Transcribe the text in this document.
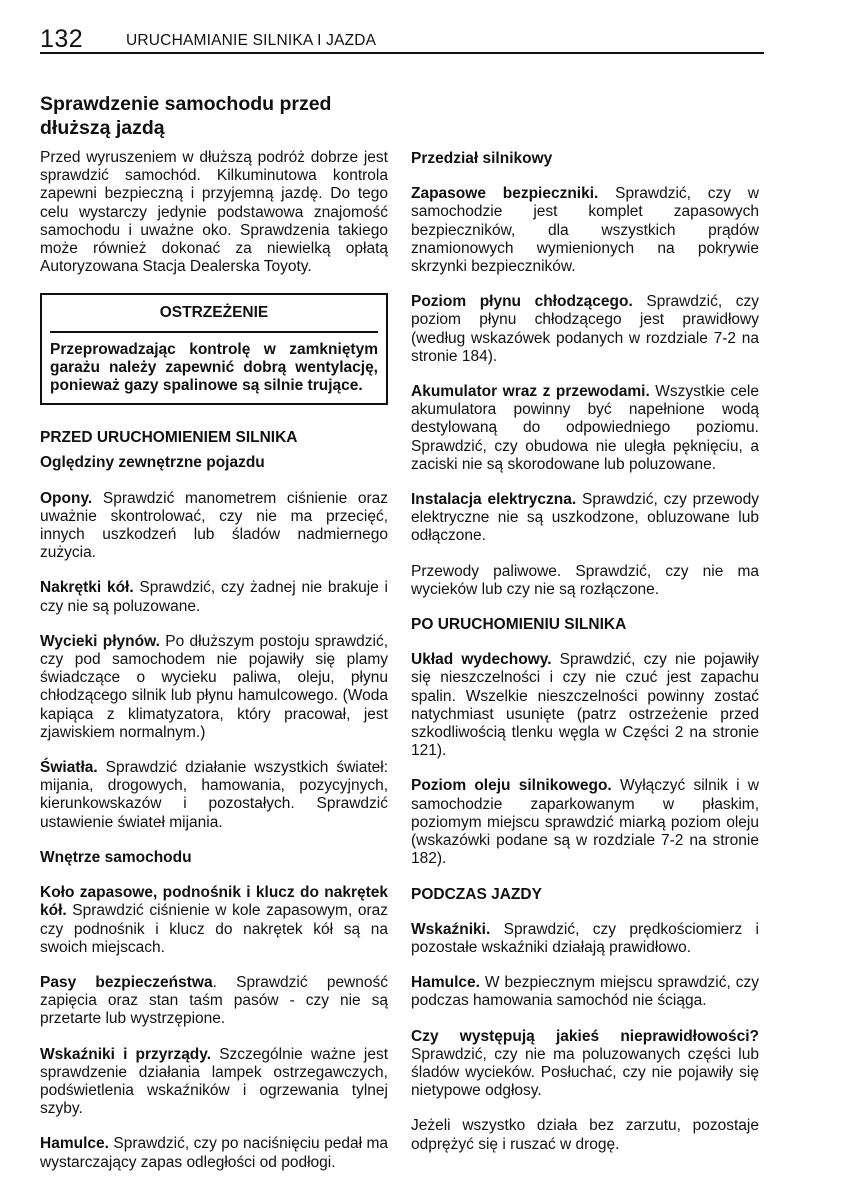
132	URUCHAMIANIE SILNIKA I JAZDA
Sprawdzenie samochodu przed dłuższą jazdą

Przed wyruszeniem w dłuższą podróż dobrze jest sprawdzić samochód. Kilkuminutowa kontrola zapewni bezpieczną i przyjemną jazdę. Do tego celu wystarczy jedynie podstawowa znajomość samochodu i uważne oko. Sprawdzenia takiego może również dokonać za niewielką opłatą Autoryzowana Stacja Dealerska Toyoty.

OSTRZEŻENIE

Przeprowadzając kontrolę w zamkniętym garażu należy zapewnić dobrą wentylację, ponieważ gazy spalinowe są silnie trujące.

PRZED URUCHOMIENIEM SILNIKA
Oględziny zewnętrzne pojazdu

Opony. Sprawdzić manometrem ciśnienie oraz uważnie skontrolować, czy nie ma przecięć, innych uszkodzeń lub śladów nadmiernego zużycia.

Nakrętki kół. Sprawdzić, czy żadnej nie brakuje i czy nie są poluzowane.

Wycieki płynów. Po dłuższym postoju sprawdzić, czy pod samochodem nie pojawiły się plamy świadczące o wycieku paliwa, oleju, płynu chłodzącego silnik lub płynu hamulcowego. (Woda kapiąca z klimatyzatora, który pracował, jest zjawiskiem normalnym.)

Światła. Sprawdzić działanie wszystkich świateł: mijania, drogowych, hamowania, pozycyjnych, kierunkowskazów i pozostałych. Sprawdzić ustawienie świateł mijania.

Wnętrze samochodu

Koło zapasowe, podnośnik i klucz do nakrętek kół. Sprawdzić ciśnienie w kole zapasowym, oraz czy podnośnik i klucz do nakrętek kół są na swoich miejscach.

Pasy bezpieczeństwa. Sprawdzić pewność zapięcia oraz stan taśm pasów - czy nie są przetarte lub wystrzępione.

Wskaźniki i przyrządy. Szczególnie ważne jest sprawdzenie działania lampek ostrzegawczych, podświetlenia wskaźników i ogrzewania tylnej szyby.

Hamulce. Sprawdzić, czy po naciśnięciu pedał ma wystarczający zapas odległości od podłogi.

Przedział silnikowy

Zapasowe bezpieczniki. Sprawdzić, czy w samochodzie jest komplet zapasowych bezpieczników, dla wszystkich prądów znamionowych wymienionych na pokrywie skrzynki bezpieczników.

Poziom płynu chłodzącego. Sprawdzić, czy poziom płynu chłodzącego jest prawidłowy (według wskazówek podanych w rozdziale 7-2 na stronie 184).

Akumulator wraz z przewodami. Wszystkie cele akumulatora powinny być napełnione wodą destylowaną do odpowiedniego poziomu. Sprawdzić, czy obudowa nie uległa pęknięciu, a zaciski nie są skorodowane lub poluzowane.

Instalacja elektryczna. Sprawdzić, czy przewody elektryczne nie są uszkodzone, obluzowane lub odłączone.

Przewody paliwowe. Sprawdzić, czy nie ma wycieków lub czy nie są rozłączone.

PO URUCHOMIENIU SILNIKA

Układ wydechowy. Sprawdzić, czy nie pojawiły się nieszczelności i czy nie czuć jest zapachu spalin. Wszelkie nieszczelności powinny zostać natychmiast usunięte (patrz ostrzeżenie przed szkodliwością tlenku węgla w Części 2 na stronie 121).

Poziom oleju silnikowego. Wyłączyć silnik i w samochodzie zaparkowanym w płaskim, poziomym miejscu sprawdzić miarką poziom oleju (wskazówki podane są w rozdziale 7-2 na stronie 182).

PODCZAS JAZDY

Wskaźniki. Sprawdzić, czy prędkościomierz i pozostałe wskaźniki działają prawidłowo.

Hamulce. W bezpiecznym miejscu sprawdzić, czy podczas hamowania samochód nie ściąga.

Czy występują jakieś nieprawidłowości? Sprawdzić, czy nie ma poluzowanych części lub śladów wycieków. Posłuchać, czy nie pojawiły się nietypowe odgłosy.

Jeżeli wszystko działa bez zarzutu, pozostaje odprężyć się i ruszać w drogę.
